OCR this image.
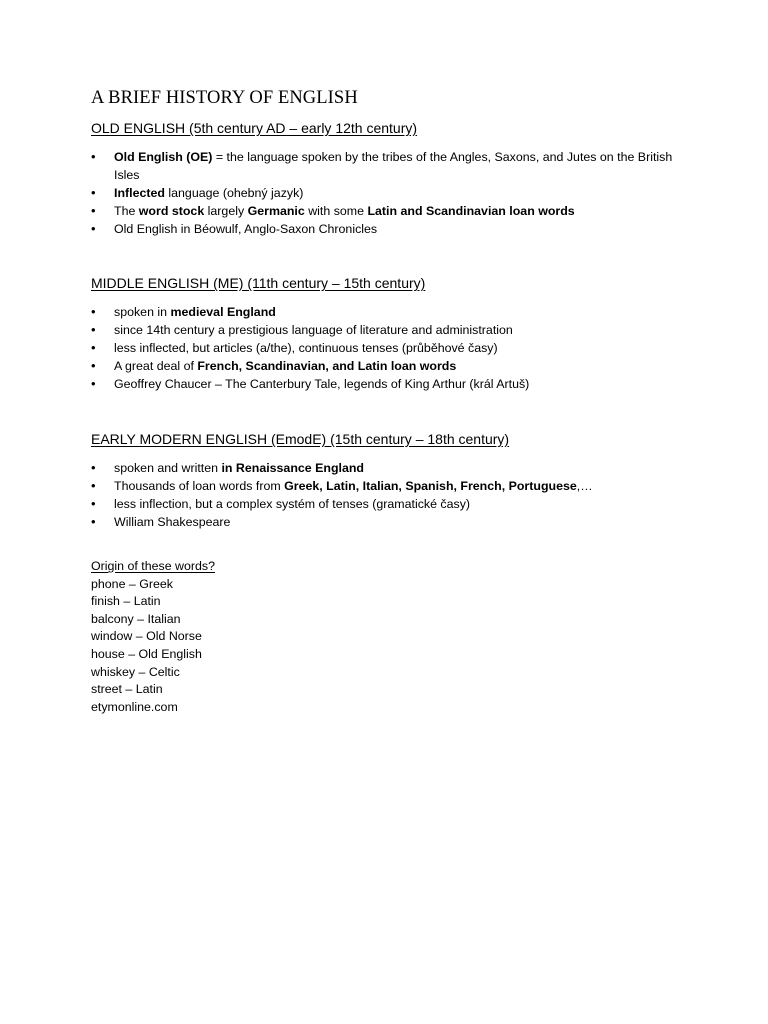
A BRIEF HISTORY OF ENGLISH
OLD ENGLISH (5th century AD – early 12th century)
• Old English (OE) = the language spoken by the tribes of the Angles, Saxons, and Jutes on the British Isles
• Inflected language (ohebný jazyk)
• The word stock largely Germanic with some Latin and Scandinavian loan words
• Old English in Béowulf, Anglo-Saxon Chronicles
MIDDLE ENGLISH (ME) (11th century – 15th century)
• spoken in medieval England
• since 14th century a prestigious language of literature and administration
• less inflected, but articles (a/the), continuous tenses (průběhové časy)
• A great deal of French, Scandinavian, and Latin loan words
• Geoffrey Chaucer – The Canterbury Tale, legends of King Arthur (král Artuš)
EARLY MODERN ENGLISH (EmodE) (15th century – 18th century)
• spoken and written in Renaissance England
• Thousands of loan words from Greek, Latin, Italian, Spanish, French, Portuguese,…
• less inflection, but a complex systém of tenses (gramatické časy)
• William Shakespeare
Origin of these words?
phone – Greek
finish – Latin
balcony – Italian
window – Old Norse
house – Old English
whiskey – Celtic
street – Latin
etymonline.com
